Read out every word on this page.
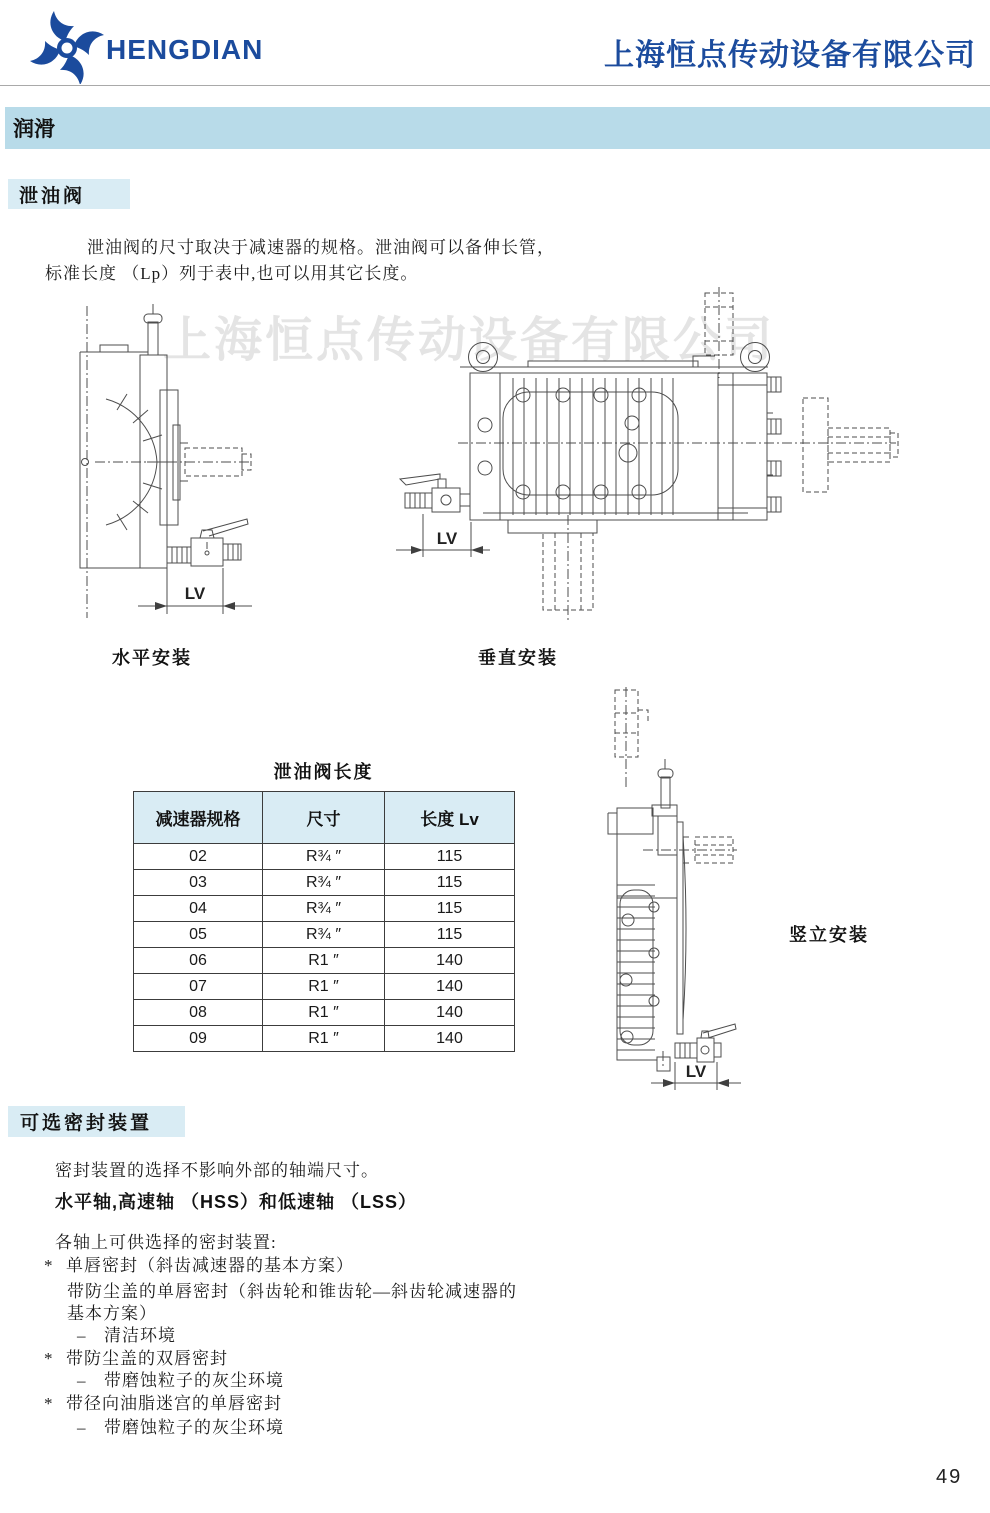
HENGDIAN	上海恒点传动设备有限公司
润滑
泄油阀
泄油阀的尺寸取决于减速器的规格。泄油阀可以备伸长管，
标准长度 （Lp）列于表中,也可以用其它长度。
上海恒点传动设备有限公司
LV
水平安装
LV
垂直安装
泄油阀长度
减速器规格	尺寸	长度 Lv
02	R¾ ″	115
03	R¾ ″	115
04	R¾ ″	115
05	R¾ ″	115
06	R1 ″	140
07	R1 ″	140
08	R1 ″	140
09	R1 ″	140
LV
竖立安装
可选密封装置
密封装置的选择不影响外部的轴端尺寸。
水平轴,高速轴 （HSS）和低速轴 （LSS）
各轴上可供选择的密封装置:
* 单唇密封（斜齿减速器的基本方案）
带防尘盖的单唇密封（斜齿轮和锥齿轮—斜齿轮减速器的
基本方案）
– 清洁环境
* 带防尘盖的双唇密封
– 带磨蚀粒子的灰尘环境
* 带径向油脂迷宫的单唇密封
– 带磨蚀粒子的灰尘环境
49
